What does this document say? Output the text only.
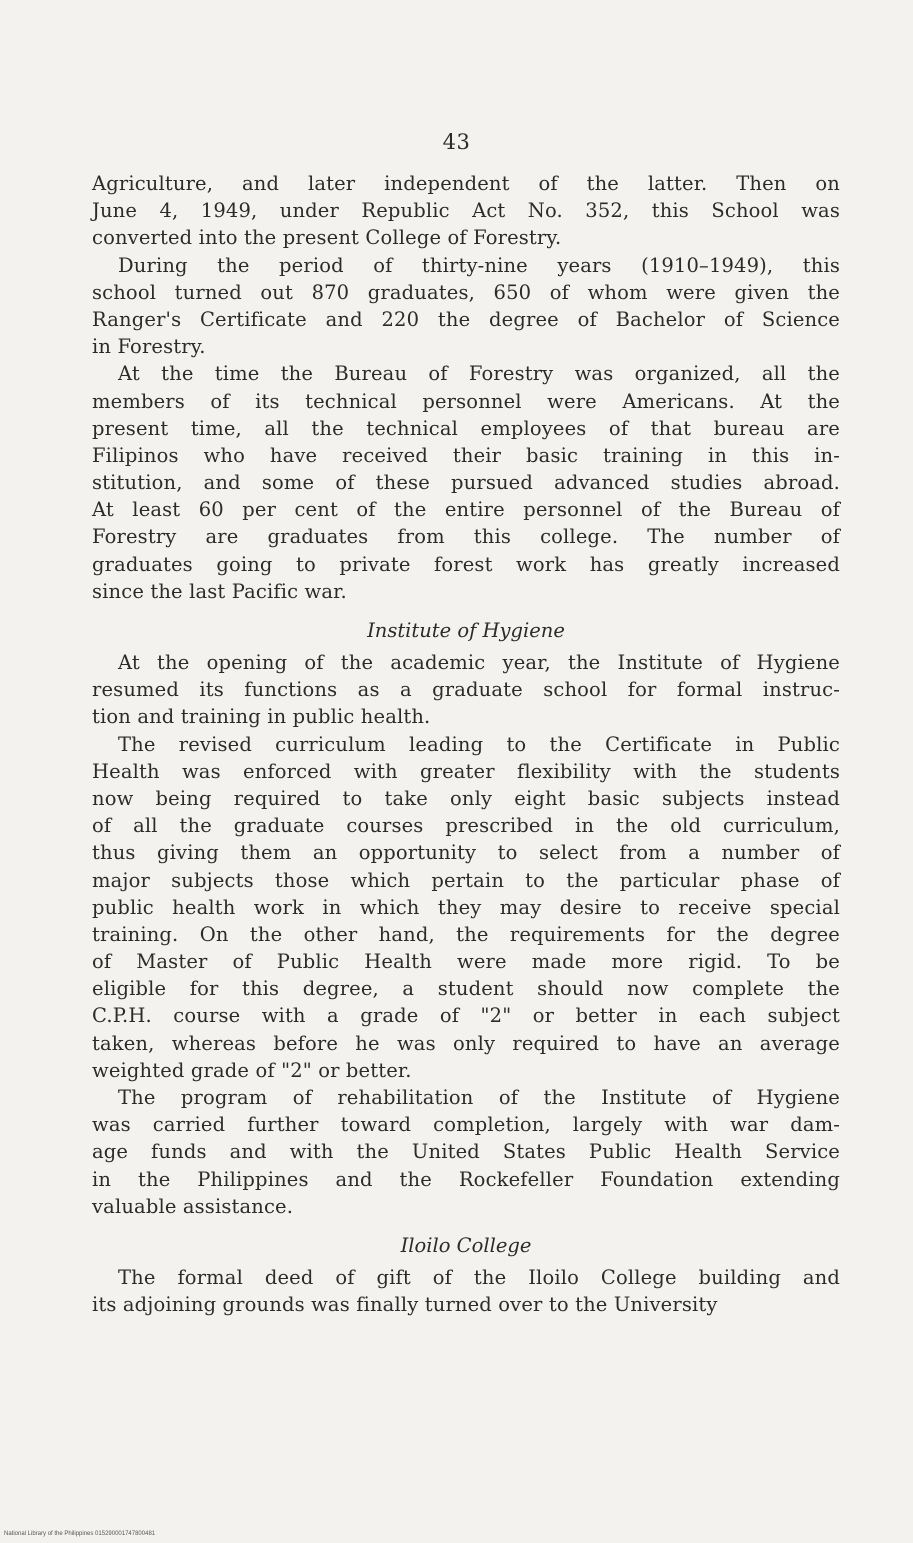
43
Agriculture, and later independent of the latter. Then on
June 4, 1949, under Republic Act No. 352, this School was
converted into the present College of Forestry.
During the period of thirty-nine years (1910–1949), this
school turned out 870 graduates, 650 of whom were given the
Ranger's Certificate and 220 the degree of Bachelor of Science
in Forestry.
At the time the Bureau of Forestry was organized, all the
members of its technical personnel were Americans. At the
present time, all the technical employees of that bureau are
Filipinos who have received their basic training in this in-
stitution, and some of these pursued advanced studies abroad.
At least 60 per cent of the entire personnel of the Bureau of
Forestry are graduates from this college. The number of
graduates going to private forest work has greatly increased
since the last Pacific war.
Institute of Hygiene
At the opening of the academic year, the Institute of Hygiene
resumed its functions as a graduate school for formal instruc-
tion and training in public health.
The revised curriculum leading to the Certificate in Public
Health was enforced with greater flexibility with the students
now being required to take only eight basic subjects instead
of all the graduate courses prescribed in the old curriculum,
thus giving them an opportunity to select from a number of
major subjects those which pertain to the particular phase of
public health work in which they may desire to receive special
training. On the other hand, the requirements for the degree
of Master of Public Health were made more rigid. To be
eligible for this degree, a student should now complete the
C.P.H. course with a grade of "2" or better in each subject
taken, whereas before he was only required to have an average
weighted grade of "2" or better.
The program of rehabilitation of the Institute of Hygiene
was carried further toward completion, largely with war dam-
age funds and with the United States Public Health Service
in the Philippines and the Rockefeller Foundation extending
valuable assistance.
Iloilo College
The formal deed of gift of the Iloilo College building and
its adjoining grounds was finally turned over to the University
National Library of the Philippines 015290001747800481
